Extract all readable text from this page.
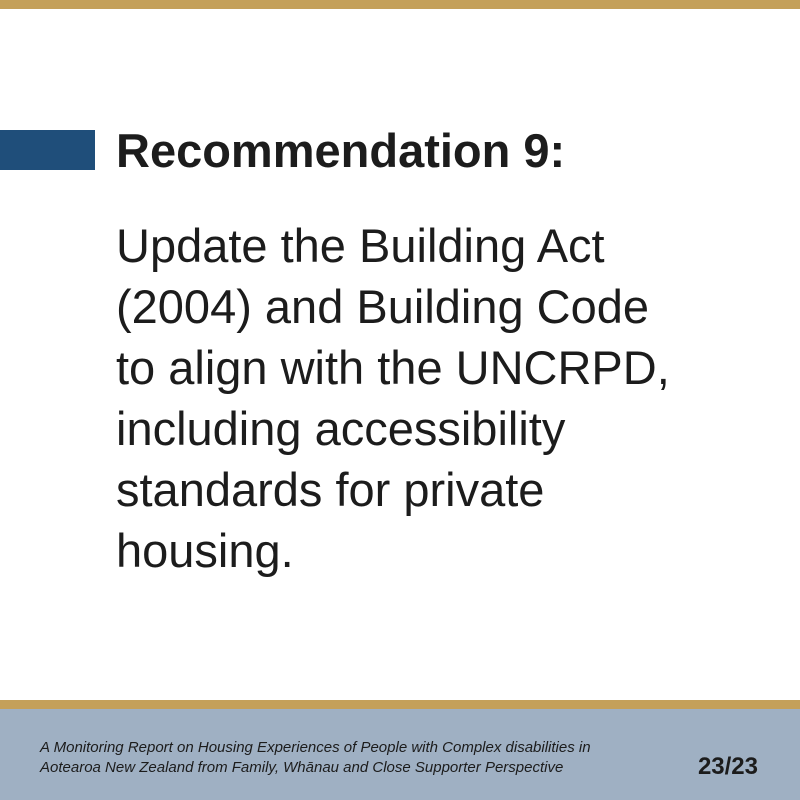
Recommendation 9:

Update the Building Act
(2004) and Building Code
to align with the UNCRPD,
including accessibility
standards for private
housing.

A Monitoring Report on Housing Experiences of People with Complex disabilities in
Aotearoa New Zealand from Family, Whānau and Close Supporter Perspective	23/23
